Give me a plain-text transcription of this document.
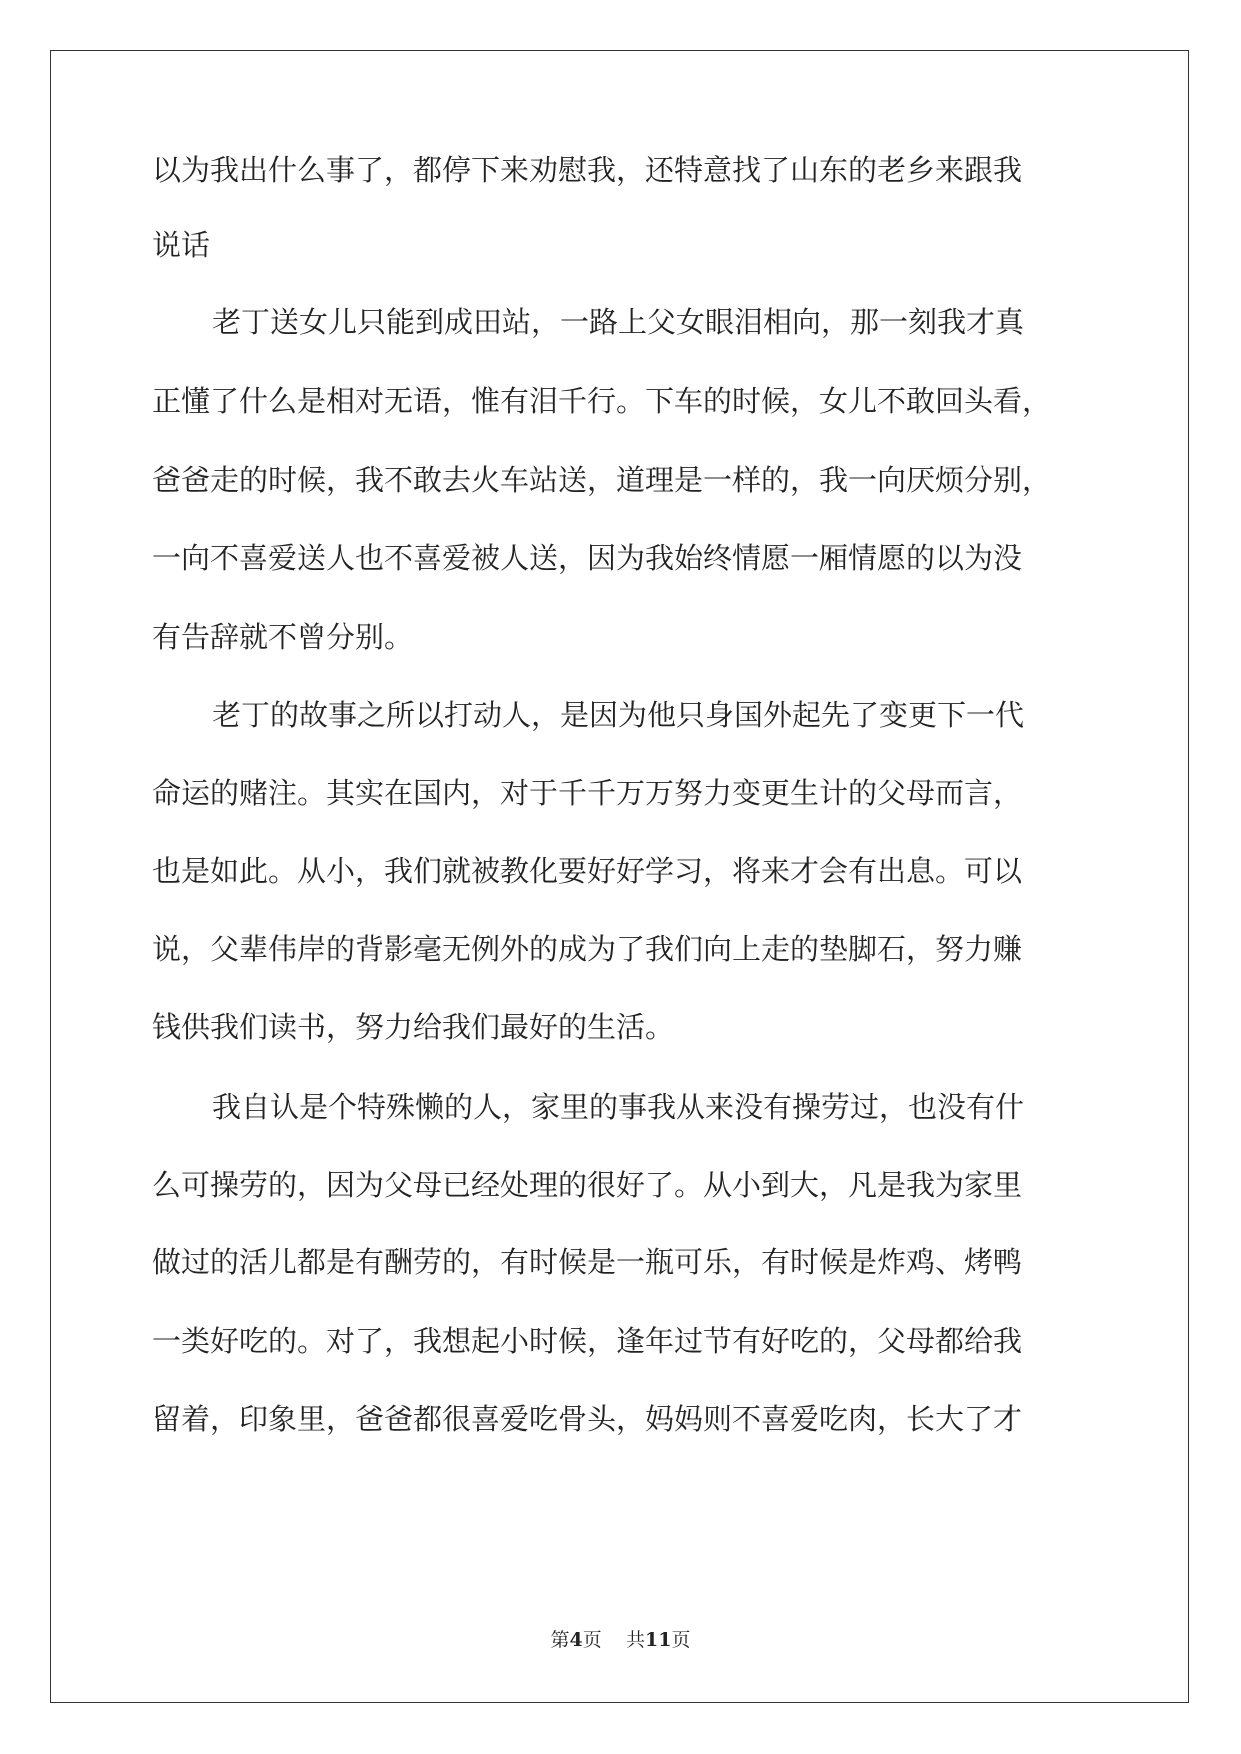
以为我出什么事了，都停下来劝慰我，还特意找了山东的老乡来跟我
说话
老丁送女儿只能到成田站，一路上父女眼泪相向，那一刻我才真
正懂了什么是相对无语，惟有泪千行。下车的时候，女儿不敢回头看，
爸爸走的时候，我不敢去火车站送，道理是一样的，我一向厌烦分别，
一向不喜爱送人也不喜爱被人送，因为我始终情愿一厢情愿的以为没
有告辞就不曾分别。
老丁的故事之所以打动人，是因为他只身国外起先了变更下一代
命运的赌注。其实在国内，对于千千万万努力变更生计的父母而言，
也是如此。从小，我们就被教化要好好学习，将来才会有出息。可以
说，父辈伟岸的背影毫无例外的成为了我们向上走的垫脚石，努力赚
钱供我们读书，努力给我们最好的生活。
我自认是个特殊懒的人，家里的事我从来没有操劳过，也没有什
么可操劳的，因为父母已经处理的很好了。从小到大，凡是我为家里
做过的活儿都是有酬劳的，有时候是一瓶可乐，有时候是炸鸡、烤鸭
一类好吃的。对了，我想起小时候，逢年过节有好吃的，父母都给我
留着，印象里，爸爸都很喜爱吃骨头，妈妈则不喜爱吃肉，长大了才
第4页 共11页
